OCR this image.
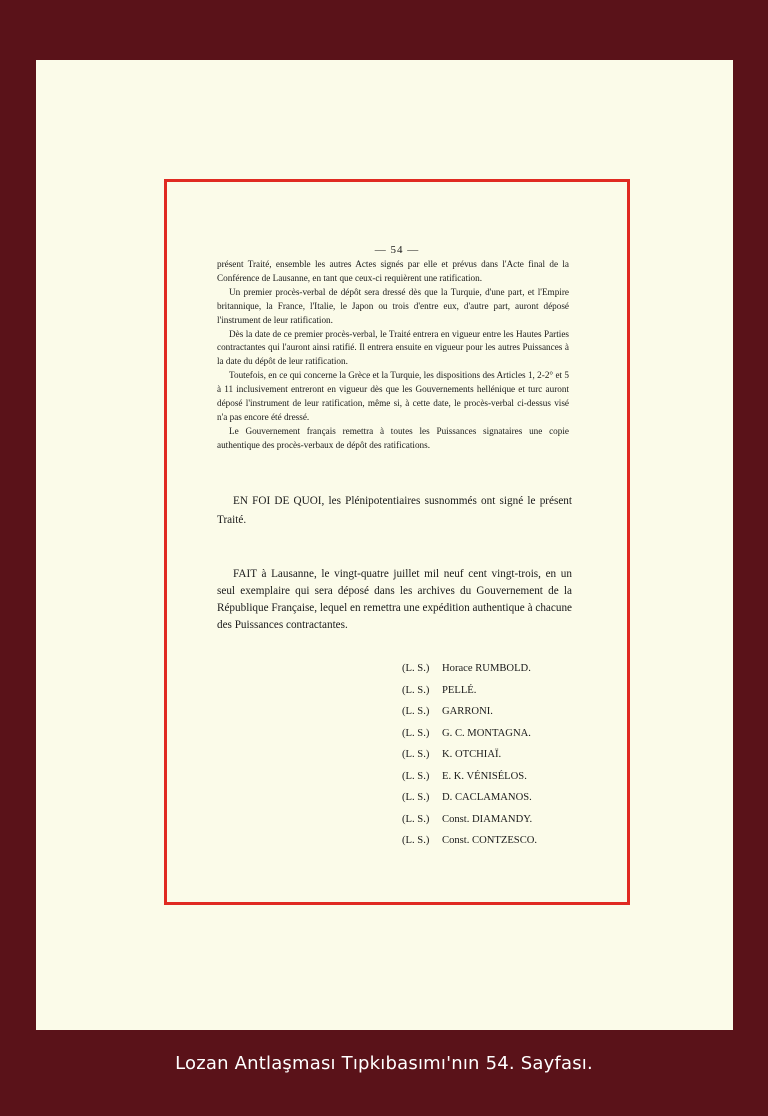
— 54 —

présent Traité, ensemble les autres Actes signés par elle et prévus dans l'Acte final de la Conférence de Lausanne, en tant que ceux-ci requièrent une ratification.

Un premier procès-verbal de dépôt sera dressé dès que la Turquie, d'une part, et l'Empire britannique, la France, l'Italie, le Japon ou trois d'entre eux, d'autre part, auront déposé l'instrument de leur ratification.

Dès la date de ce premier procès-verbal, le Traité entrera en vigueur entre les Hautes Parties contractantes qui l'auront ainsi ratifié. Il entrera ensuite en vigueur pour les autres Puissances à la date du dépôt de leur ratification.

Toutefois, en ce qui concerne la Grèce et la Turquie, les dispositions des Articles 1, 2-2° et 5 à 11 inclusivement entreront en vigueur dès que les Gouvernements hellénique et turc auront déposé l'instrument de leur ratification, même si, à cette date, le procès-verbal ci-dessus visé n'a pas encore été dressé.

Le Gouvernement français remettra à toutes les Puissances signataires une copie authentique des procès-verbaux de dépôt des ratifications.

EN FOI DE QUOI, les Plénipotentiaires susnommés ont signé le présent Traité.

FAIT à Lausanne, le vingt-quatre juillet mil neuf cent vingt-trois, en un seul exemplaire qui sera déposé dans les archives du Gouvernement de la République Française, lequel en remettra une expédition authentique à chacune des Puissances contractantes.

(L. S.) Horace RUMBOLD.
(L. S.) PELLÉ.
(L. S.) GARRONI.
(L. S.) G. C. MONTAGNA.
(L. S.) K. OTCHIAÏ.
(L. S.) E. K. VÉNISÉLOS.
(L. S.) D. CACLAMANOS.
(L. S.) Const. DIAMANDY.
(L. S.) Const. CONTZESCO.
Lozan Antlaşması Tıpkıbasımı'nın 54. Sayfası.
